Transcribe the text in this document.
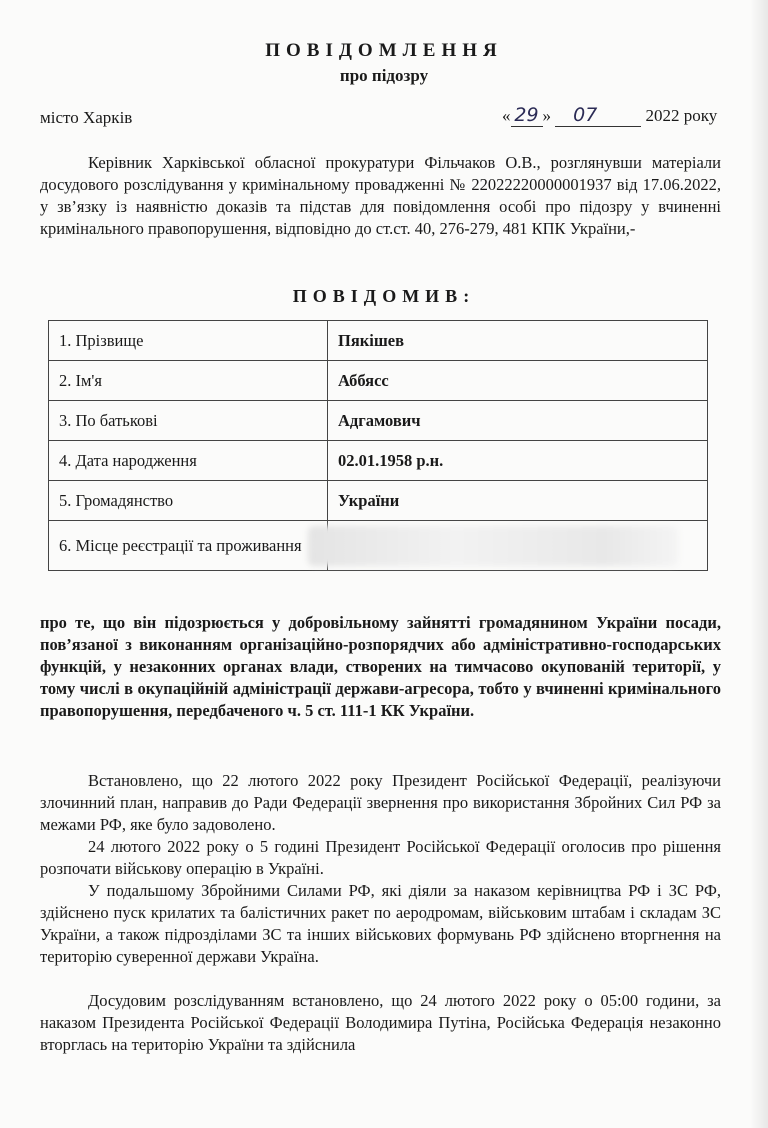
ПОВІДОМЛЕННЯ
про підозру
місто Харків	« 29 » 07	2022 року

Керівник Харківської обласної прокуратури Фільчаков О.В., розглянувши матеріали досудового розслідування у кримінальному провадженні № 22022220000001937 від 17.06.2022, у зв’язку із наявністю доказів та підстав для повідомлення особі про підозру у вчиненні кримінального правопорушення, відповідно до ст.ст. 40, 276-279, 481 КПК України,-

ПОВІДОМИВ:
1. Прізвище	Пякішев
2. Ім'я	Аббясс
3. По батькові	Адгамович
4. Дата народження	02.01.1958 р.н.
5. Громадянство	України
6. Місце реєстрації та проживання	

про те, що він підозрюється у добровільному зайнятті громадянином України посади, пов’язаної з виконанням організаційно-розпорядчих або адміністративно-господарських функцій, у незаконних органах влади, створених на тимчасово окупованій території, у тому числі в окупаційній адміністрації держави-агресора, тобто у вчиненні кримінального правопорушення, передбаченого ч. 5 ст. 111-1 КК України.

Встановлено, що 22 лютого 2022 року Президент Російської Федерації, реалізуючи злочинний план, направив до Ради Федерації звернення про використання Збройних Сил РФ за межами РФ, яке було задоволено.

24 лютого 2022 року о 5 годині Президент Російської Федерації оголосив про рішення розпочати військову операцію в Україні.

У подальшому Збройними Силами РФ, які діяли за наказом керівництва РФ і ЗС РФ, здійснено пуск крилатих та балістичних ракет по аеродромам, військовим штабам і складам ЗС України, а також підрозділами ЗС та інших військових формувань РФ здійснено вторгнення на територію суверенної держави Україна.

Досудовим розслідуванням встановлено, що 24 лютого 2022 року о 05:00 години, за наказом Президента Російської Федерації Володимира Путіна, Російська Федерація незаконно вторглась на територію України та здійснила
